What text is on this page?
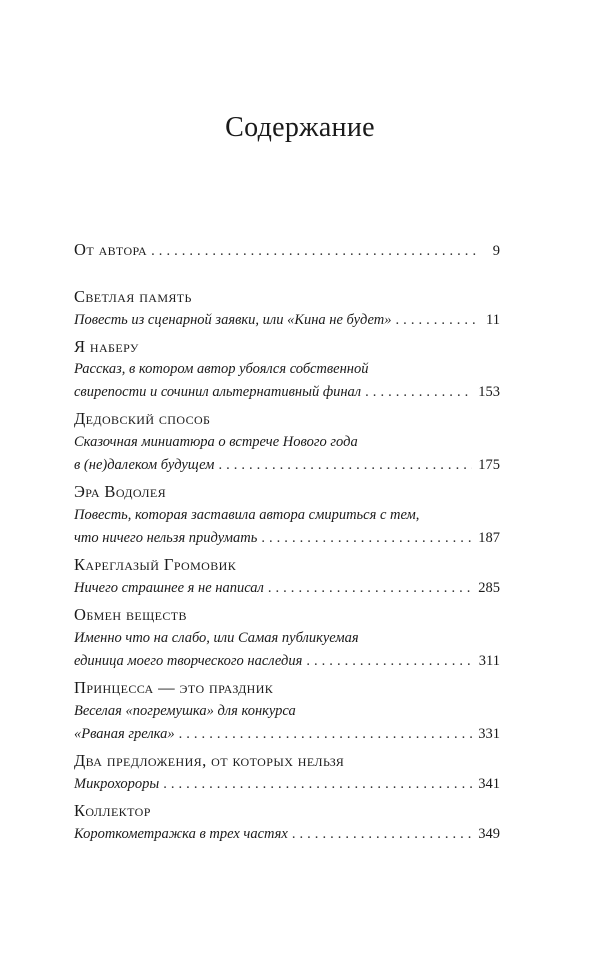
Содержание
От автора . . .	9
Светлая память
Повесть из сценарной заявки, или «Кина не будет» . . .	11
Я наберу
Рассказ, в котором автор убоялся собственной
свирепости и сочинил альтернативный финал . . .	153
Дедовский способ
Сказочная миниатюра о встрече Нового года
в (не)далеком будущем . . .	175
Эра Водолея
Повесть, которая заставила автора смириться с тем,
что ничего нельзя придумать . . .	187
Кареглазый Громовик
Ничего страшнее я не написал . . .	285
Обмен веществ
Именно что на слабо, или Самая публикуемая
единица моего творческого наследия . . .	311
Принцесса — это праздник
Веселая «погремушка» для конкурса
«Рваная грелка» . . .	331
Два предложения, от которых нельзя
Микрохороры . . .	341
Коллектор
Короткометражка в трех частях . . .	349
